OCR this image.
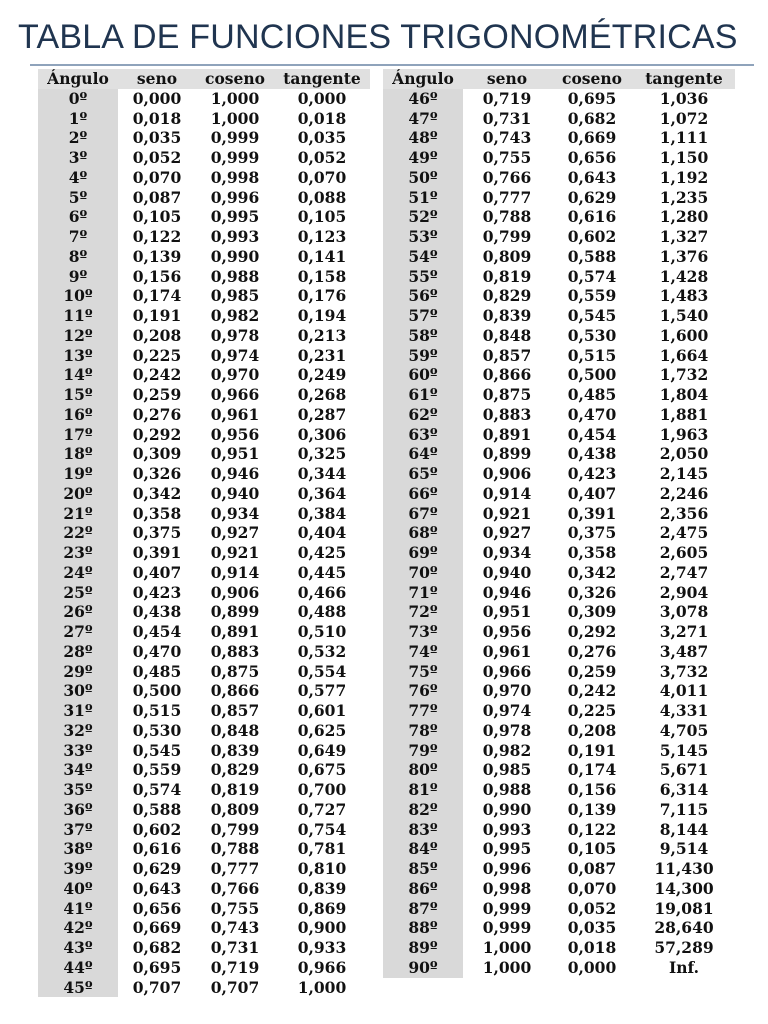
TABLA DE FUNCIONES TRIGONOMÉTRICAS
Ángulo	seno	coseno	tangente
0º	0,000	1,000	0,000
1º	0,018	1,000	0,018
2º	0,035	0,999	0,035
3º	0,052	0,999	0,052
4º	0,070	0,998	0,070
5º	0,087	0,996	0,088
6º	0,105	0,995	0,105
7º	0,122	0,993	0,123
8º	0,139	0,990	0,141
9º	0,156	0,988	0,158
10º	0,174	0,985	0,176
11º	0,191	0,982	0,194
12º	0,208	0,978	0,213
13º	0,225	0,974	0,231
14º	0,242	0,970	0,249
15º	0,259	0,966	0,268
16º	0,276	0,961	0,287
17º	0,292	0,956	0,306
18º	0,309	0,951	0,325
19º	0,326	0,946	0,344
20º	0,342	0,940	0,364
21º	0,358	0,934	0,384
22º	0,375	0,927	0,404
23º	0,391	0,921	0,425
24º	0,407	0,914	0,445
25º	0,423	0,906	0,466
26º	0,438	0,899	0,488
27º	0,454	0,891	0,510
28º	0,470	0,883	0,532
29º	0,485	0,875	0,554
30º	0,500	0,866	0,577
31º	0,515	0,857	0,601
32º	0,530	0,848	0,625
33º	0,545	0,839	0,649
34º	0,559	0,829	0,675
35º	0,574	0,819	0,700
36º	0,588	0,809	0,727
37º	0,602	0,799	0,754
38º	0,616	0,788	0,781
39º	0,629	0,777	0,810
40º	0,643	0,766	0,839
41º	0,656	0,755	0,869
42º	0,669	0,743	0,900
43º	0,682	0,731	0,933
44º	0,695	0,719	0,966
45º	0,707	0,707	1,000
Ángulo	seno	coseno	tangente
46º	0,719	0,695	1,036
47º	0,731	0,682	1,072
48º	0,743	0,669	1,111
49º	0,755	0,656	1,150
50º	0,766	0,643	1,192
51º	0,777	0,629	1,235
52º	0,788	0,616	1,280
53º	0,799	0,602	1,327
54º	0,809	0,588	1,376
55º	0,819	0,574	1,428
56º	0,829	0,559	1,483
57º	0,839	0,545	1,540
58º	0,848	0,530	1,600
59º	0,857	0,515	1,664
60º	0,866	0,500	1,732
61º	0,875	0,485	1,804
62º	0,883	0,470	1,881
63º	0,891	0,454	1,963
64º	0,899	0,438	2,050
65º	0,906	0,423	2,145
66º	0,914	0,407	2,246
67º	0,921	0,391	2,356
68º	0,927	0,375	2,475
69º	0,934	0,358	2,605
70º	0,940	0,342	2,747
71º	0,946	0,326	2,904
72º	0,951	0,309	3,078
73º	0,956	0,292	3,271
74º	0,961	0,276	3,487
75º	0,966	0,259	3,732
76º	0,970	0,242	4,011
77º	0,974	0,225	4,331
78º	0,978	0,208	4,705
79º	0,982	0,191	5,145
80º	0,985	0,174	5,671
81º	0,988	0,156	6,314
82º	0,990	0,139	7,115
83º	0,993	0,122	8,144
84º	0,995	0,105	9,514
85º	0,996	0,087	11,430
86º	0,998	0,070	14,300
87º	0,999	0,052	19,081
88º	0,999	0,035	28,640
89º	1,000	0,018	57,289
90º	1,000	0,000	Inf.
